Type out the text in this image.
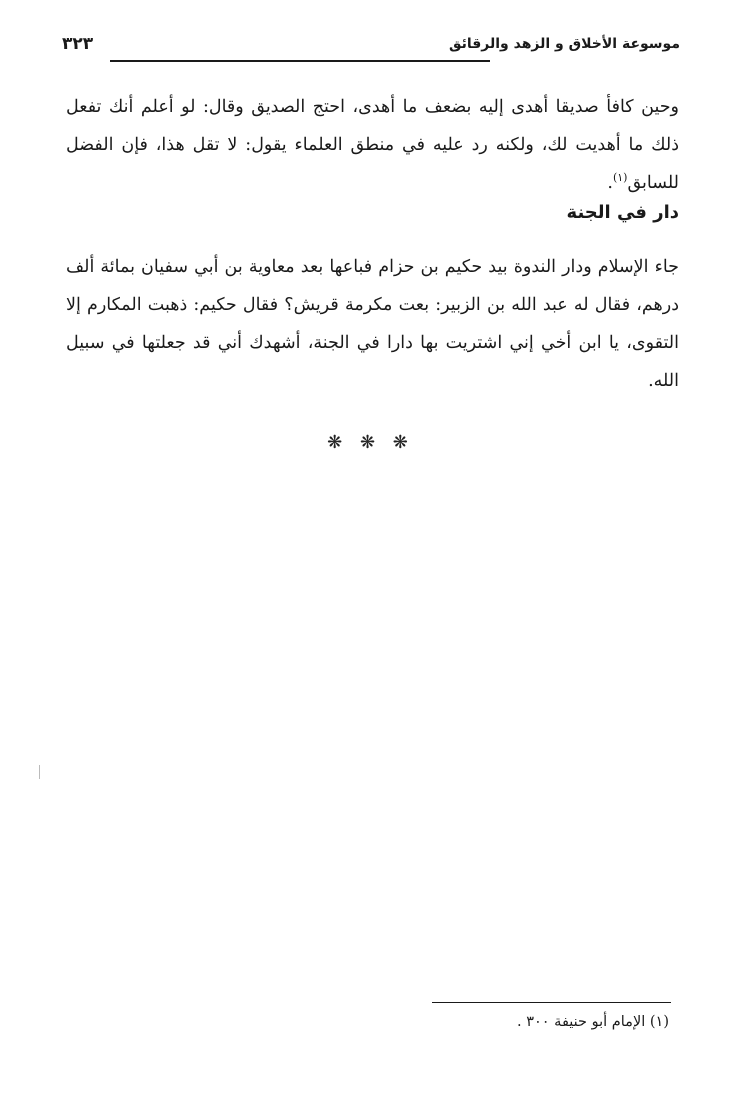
موسوعة الأخلاق و الزهد والرقائق
٣٢٣
وحين كافأ صديقا أهدى إليه بضعف ما أهدى، احتج الصديق وقال: لو أعلم أنك تفعل ذلك ما أهديت لك، ولكنه رد عليه في منطق العلماء يقول: لا تقل هذا، فإن الفضل للسابق$^{(١)}$.
دار في الجنة
جاء الإسلام ودار الندوة بيد حكيم بن حزام فباعها بعد معاوية بن أبي سفيان بمائة ألف درهم، فقال له عبد الله بن الزبير: بعت مكرمة قريش؟ فقال حكيم: ذهبت المكارم إلا التقوى، يا ابن أخي إني اشتريت بها دارا في الجنة، أشهدك أني قد جعلتها في سبيل الله.
❋ ❋ ❋
(١) الإمام أبو حنيفة ٣٠٠ .
